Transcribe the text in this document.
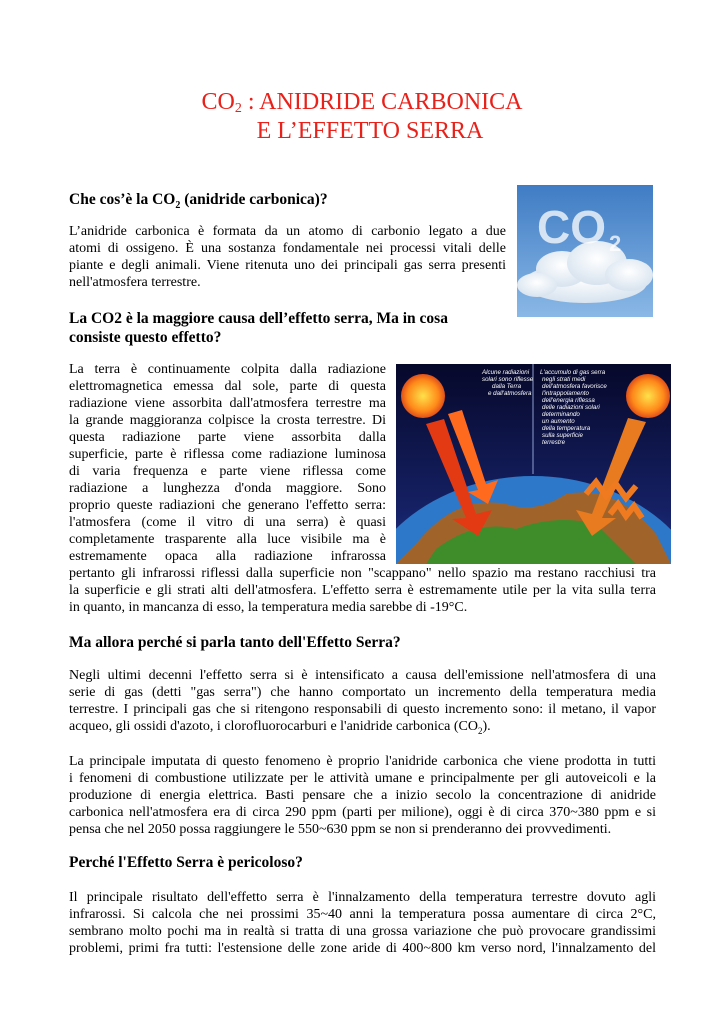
$CO_2$ : ANIDRIDE CARBONICA
E L’EFFETTO SERRA
Che cos’è la $CO_2$ (anidride carbonica)?

L’anidride carbonica è formata da un atomo di carbonio legato a due
atomi di ossigeno. È una sostanza fondamentale nei processi vitali delle
piante e degli animali. Viene ritenuta uno dei principali gas serra presenti
nell'atmosfera terrestre.

CO 2
La CO2 è la maggiore causa dell’effetto serra, Ma in cosa
consiste questo effetto?

La terra è continuamente colpita dalla radiazione
elettromagnetica emessa dal sole, parte di questa
radiazione viene assorbita dall'atmosfera terrestre ma
la grande maggioranza colpisce la crosta terrestre. Di
questa radiazione parte viene assorbita dalla
superficie, parte è riflessa come radiazione luminosa
di varia frequenza e parte viene riflessa come
radiazione a lunghezza d'onda maggiore. Sono
proprio queste radiazioni che generano l'effetto serra:
l'atmosfera (come il vitro di una serra) è quasi
completamente trasparente alla luce visibile ma è
estremamente opaca alla radiazione infrarossa

pertanto gli infrarossi riflessi dalla superficie non "scappano" nello spazio ma restano racchiusi tra
la superficie e gli strati alti dell'atmosfera. L'effetto serra è estremamente utile per la vita sulla terra
in quanto, in mancanza di esso, la temperatura media sarebbe di -19°C.

Alcune radiazioni
solari sono riflesse
dalla Terra
e dall'atmosfera
L'accumulo di gas serra
negli strati medi
dell'atmosfera favorisce
l'intrappolamento
dell'energia riflessa
delle radiazioni solari
determinando
un aumento
della temperatura
sulla superficie
terrestre
Ma allora perché si parla tanto dell'Effetto Serra?

Negli ultimi decenni l'effetto serra si è intensificato a causa dell'emissione nell'atmosfera di una
serie di gas (detti "gas serra") che hanno comportato un incremento della temperatura media
terrestre. I principali gas che si ritengono responsabili di questo incremento sono: il metano, il vapor
acqueo, gli ossidi d'azoto, i clorofluorocarburi e l'anidride carbonica $(CO_2)$.

La principale imputata di questo fenomeno è proprio l'anidride carbonica che viene prodotta in tutti
i fenomeni di combustione utilizzate per le attività umane e principalmente per gli autoveicoli e la
produzione di energia elettrica. Basti pensare che a inizio secolo la concentrazione di anidride
carbonica nell'atmosfera era di circa 290 ppm (parti per milione), oggi è di circa 370~380 ppm e si
pensa che nel 2050 possa raggiungere le 550~630 ppm se non si prenderanno dei provvedimenti.

Perché l'Effetto Serra è pericoloso?

Il principale risultato dell'effetto serra è l'innalzamento della temperatura terrestre dovuto agli
infrarossi. Si calcola che nei prossimi 35~40 anni la temperatura possa aumentare di circa 2°C,
sembrano molto pochi ma in realtà si tratta di una grossa variazione che può provocare grandissimi
problemi, primi fra tutti: l'estensione delle zone aride di 400~800 km verso nord, l'innalzamento del
